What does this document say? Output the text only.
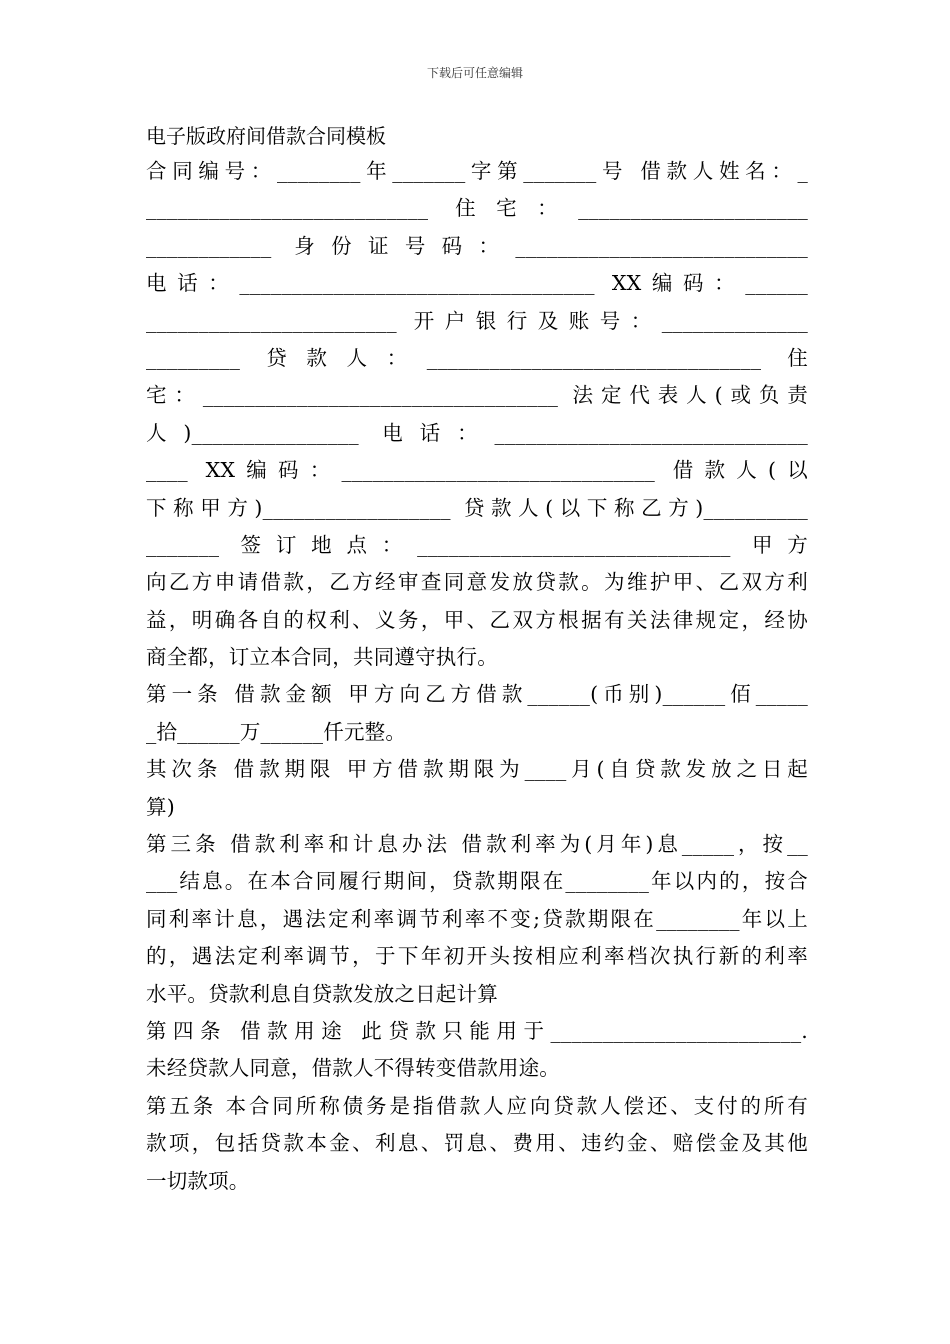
下载后可任意编辑
电子版政府间借款合同模板
合同编号：________年_______字第_______号 借款人姓名：_
___________________________ 住宅：______________________
____________ 身份证号码：____________________________
电话：__________________________________ XX编码：______
________________________ 开户银行及账号：______________
_________ 贷款人：________________________________ 住
宅：__________________________________ 法定代表人(或负责
人)________________ 电话：______________________________
____ XX编码：______________________________ 借款人(以
下称甲方)__________________ 贷款人(以下称乙方)__________
_______ 签订地点：______________________________ 甲方
向乙方申请借款，乙方经审查同意发放贷款。为维护甲、乙双方利
益，明确各自的权利、义务，甲、乙双方根据有关法律规定，经协
商全都，订立本合同，共同遵守执行。
第一条 借款金额 甲方向乙方借款______(币别)______佰_____
_拾______万______仟元整。
其次条 借款期限 甲方借款期限为____月(自贷款发放之日起
算)
第三条 借款利率和计息办法 借款利率为(月年)息_____，按__
___结息。在本合同履行期间，贷款期限在________年以内的，按合
同利率计息，遇法定利率调节利率不变;贷款期限在________年以上
的，遇法定利率调节，于下年初开头按相应利率档次执行新的利率
水平。贷款利息自贷款发放之日起计算
第四条 借款用途 此贷款只能用于________________________.
未经贷款人同意，借款人不得转变借款用途。
第五条 本合同所称债务是指借款人应向贷款人偿还、支付的所有
款项，包括贷款本金、利息、罚息、费用、违约金、赔偿金及其他
一切款项。
